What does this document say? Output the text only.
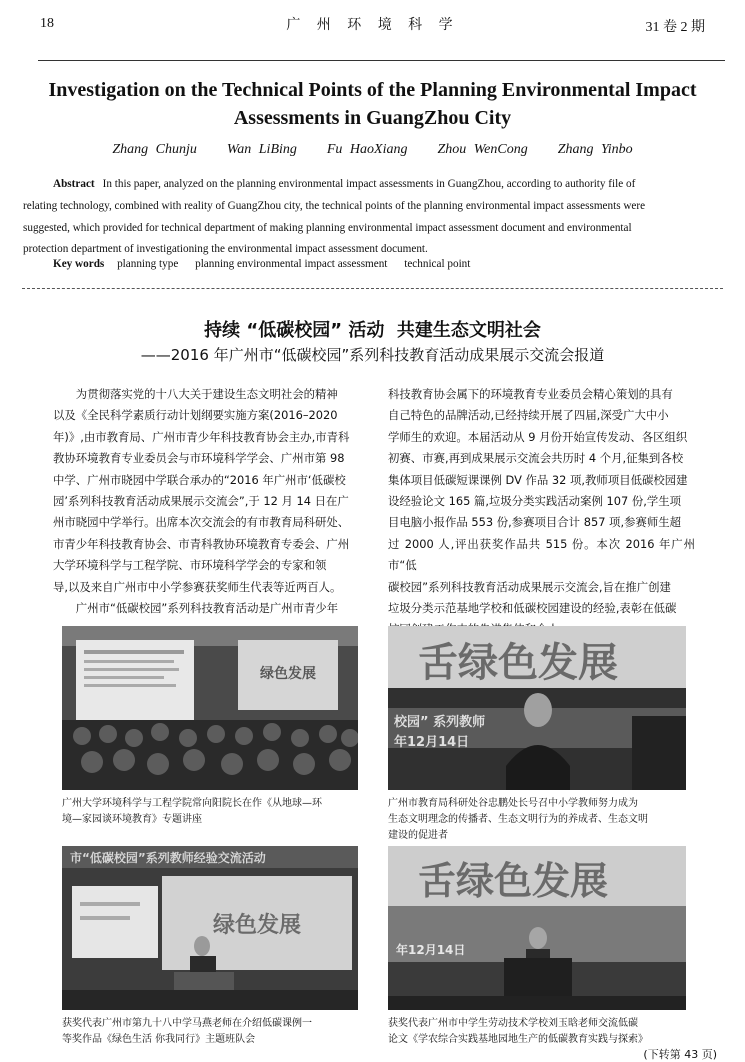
18	广 州 环 境 科 学	31 卷 2 期
Investigation on the Technical Points of the Planning Environmental Impact
Assessments in GuangZhou City
Zhang Chunju    Wan LiBing    Fu HaoXiang    Zhou WenCong    Zhang Yinbo
Abstract In this paper, analyzed on the planning environmental impact assessments in GuangZhou, according to authority file of
relating technology, combined with reality of GuangZhou city, the technical points of the planning environmental impact assessments were
suggested, which provided for technical department of making planning environmental impact assessment document and environmental
protection department of investigationing the environmental impact assessment document.
Key words planning type planning environmental impact assessment technical point
持续 “低碳校园” 活动  共建生态文明社会
——2016 年广州市“低碳校园”系列科技教育活动成果展示交流会报道
为贯彻落实党的十八大关于建设生态文明社会的精神
以及《全民科学素质行动计划纲要实施方案(2016–2020
年)》,由市教育局、广州市青少年科技教育协会主办,市青科
教协环境教育专业委员会与市环境科学学会、广州市第 98
中学、广州市晓园中学联合承办的“2016 年广州市‘低碳校
园’系列科技教育活动成果展示交流会”,于 12 月 14 日在广
州市晓园中学举行。出席本次交流会的有市教育局科研处、
市青少年科技教育协会、市青科教协环境教育专委会、广州
大学环境科学与工程学院、市环境科学学会的专家和领
导,以及来自广州市中小学参赛获奖师生代表等近两百人。
广州市“低碳校园”系列科技教育活动是广州市青少年
科技教育协会属下的环境教育专业委员会精心策划的具有
自己特色的品牌活动,已经持续开展了四届,深受广大中小
学师生的欢迎。本届活动从 9 月份开始宣传发动、各区组织
初赛、市赛,再到成果展示交流会共历时 4 个月,征集到各校
集体项目低碳短课课例 DV 作品 32 项,教师项目低碳校园建
设经验论文 165 篇,垃圾分类实践活动案例 107 份,学生项
目电脑小报作品 553 份,参赛项目合计 857 项,参赛师生超
过 2000 人,评出获奖作品共 515 份。本次 2016 年广州市“低
碳校园”系列科技教育活动成果展示交流会,旨在推广创建
垃圾分类示范基地学校和低碳校园建设的经验,表彰在低碳
绿色发展
广州大学环境科学与工程学院常向阳院长在作《从地球—环
境—家园谈环境教育》专题讲座
舌绿色发展
校园” 系列教师
年12月14日
广州市教育局科研处谷忠鹏处长号召中小学教师努力成为
生态文明理念的传播者、生态文明行为的养成者、生态文明
建设的促进者
市“低碳校园”系列教师经验交流活动
绿色发展
获奖代表广州市第九十八中学马燕老师在介绍低碳课例一
等奖作品《绿色生活 你我同行》主题班队会
舌绿色发展
年12月14日
获奖代表广州市中学生劳动技术学校刘玉晗老师交流低碳
论文《学农综合实践基地园地生产的低碳教育实践与探索》
(下转第 43 页)
